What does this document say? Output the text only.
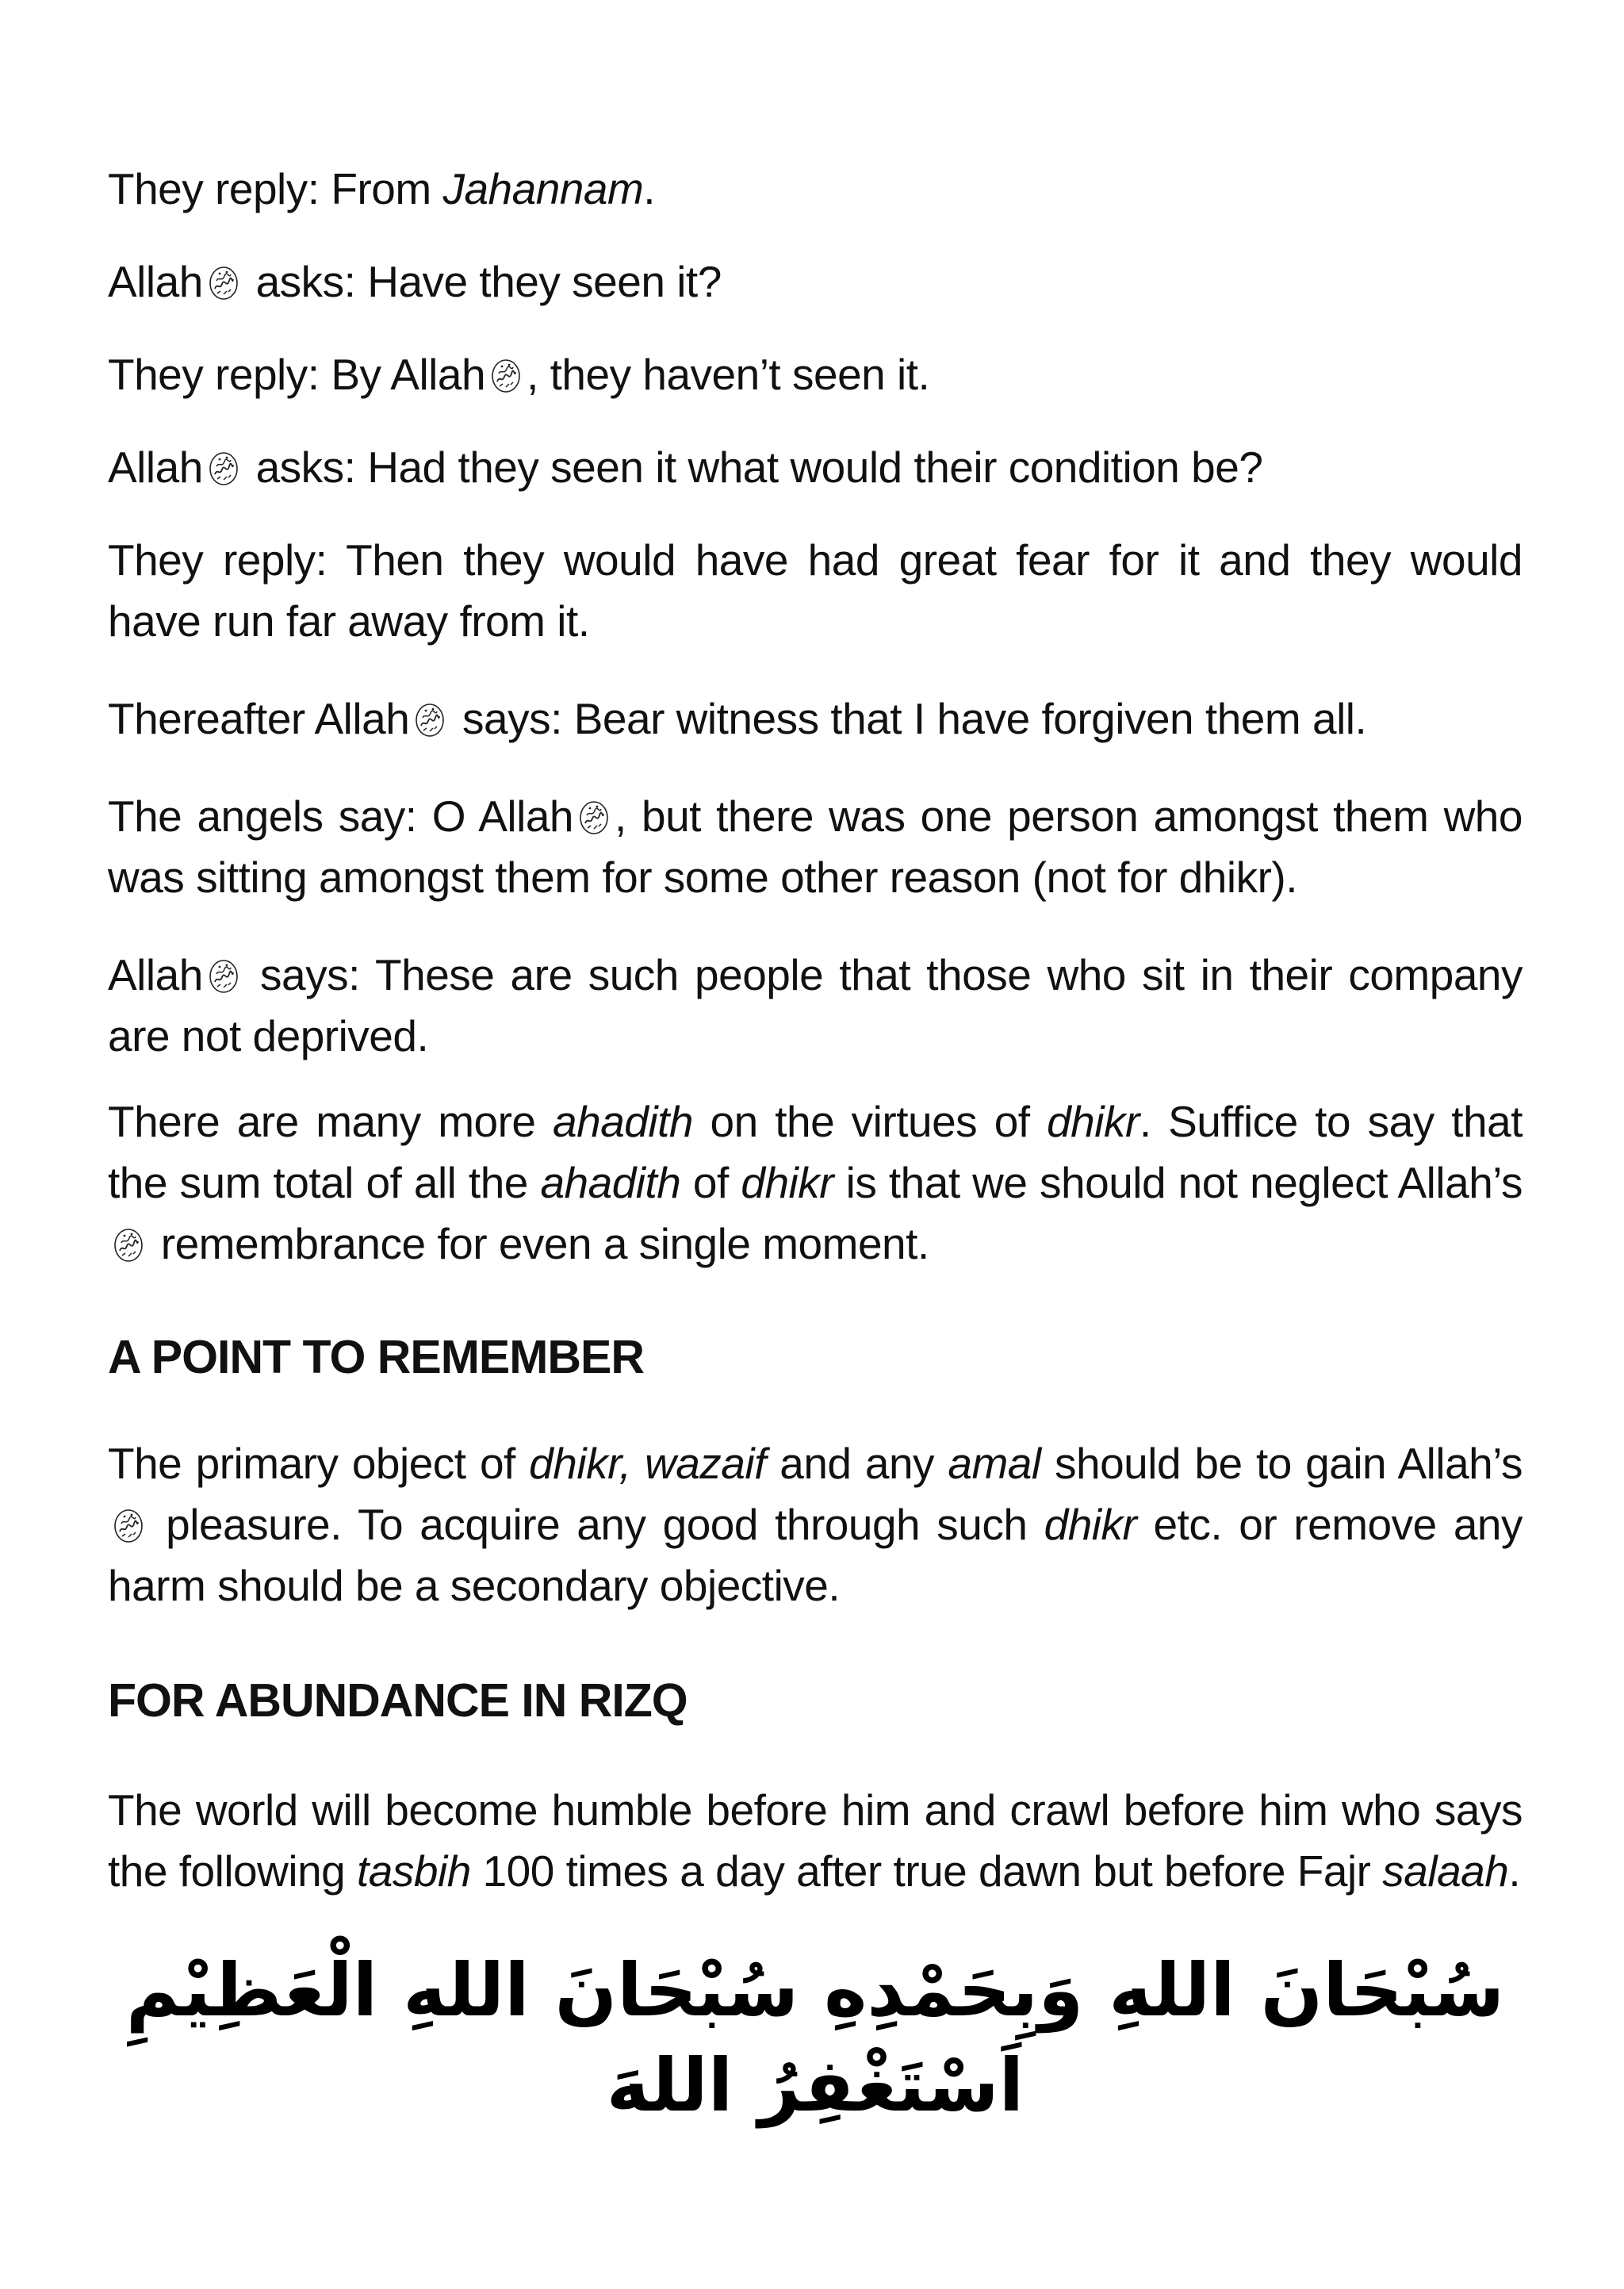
They reply: From Jahannam.

Allah
asks: Have they seen it?

They reply: By Allah , they haven’t seen it.

Allah
asks: Had they seen it what would their condition be?

They reply: Then they would have had great fear for it and they would have run far away from it.

Thereafter Allah
says: Bear witness that I have forgiven them all.

The angels say: O Allah , but there was one person amongst them who was sitting amongst them for some other reason (not for dhikr).

Allah
says: These are such people that those who sit in their company are not deprived.

There are many more ahadith on the virtues of dhikr. Suffice to say that the sum total of all the ahadith of dhikr is that we should not neglect Allah’s
remembrance for even a single moment.

A POINT TO REMEMBER

The primary object of dhikr, wazaif and any amal should be to gain Allah’s
pleasure. To acquire any good through such dhikr etc. or remove any harm should be a secondary objective.

FOR ABUNDANCE IN RIZQ

The world will become humble before him and crawl before him who says the following tasbih 100 times a day after true dawn but before Fajr salaah.

سُبْحَانَ اللهِ وَبِحَمْدِهِ سُبْحَانَ اللهِ الْعَظِيْمِ اَسْتَغْفِرُ اللهَ
